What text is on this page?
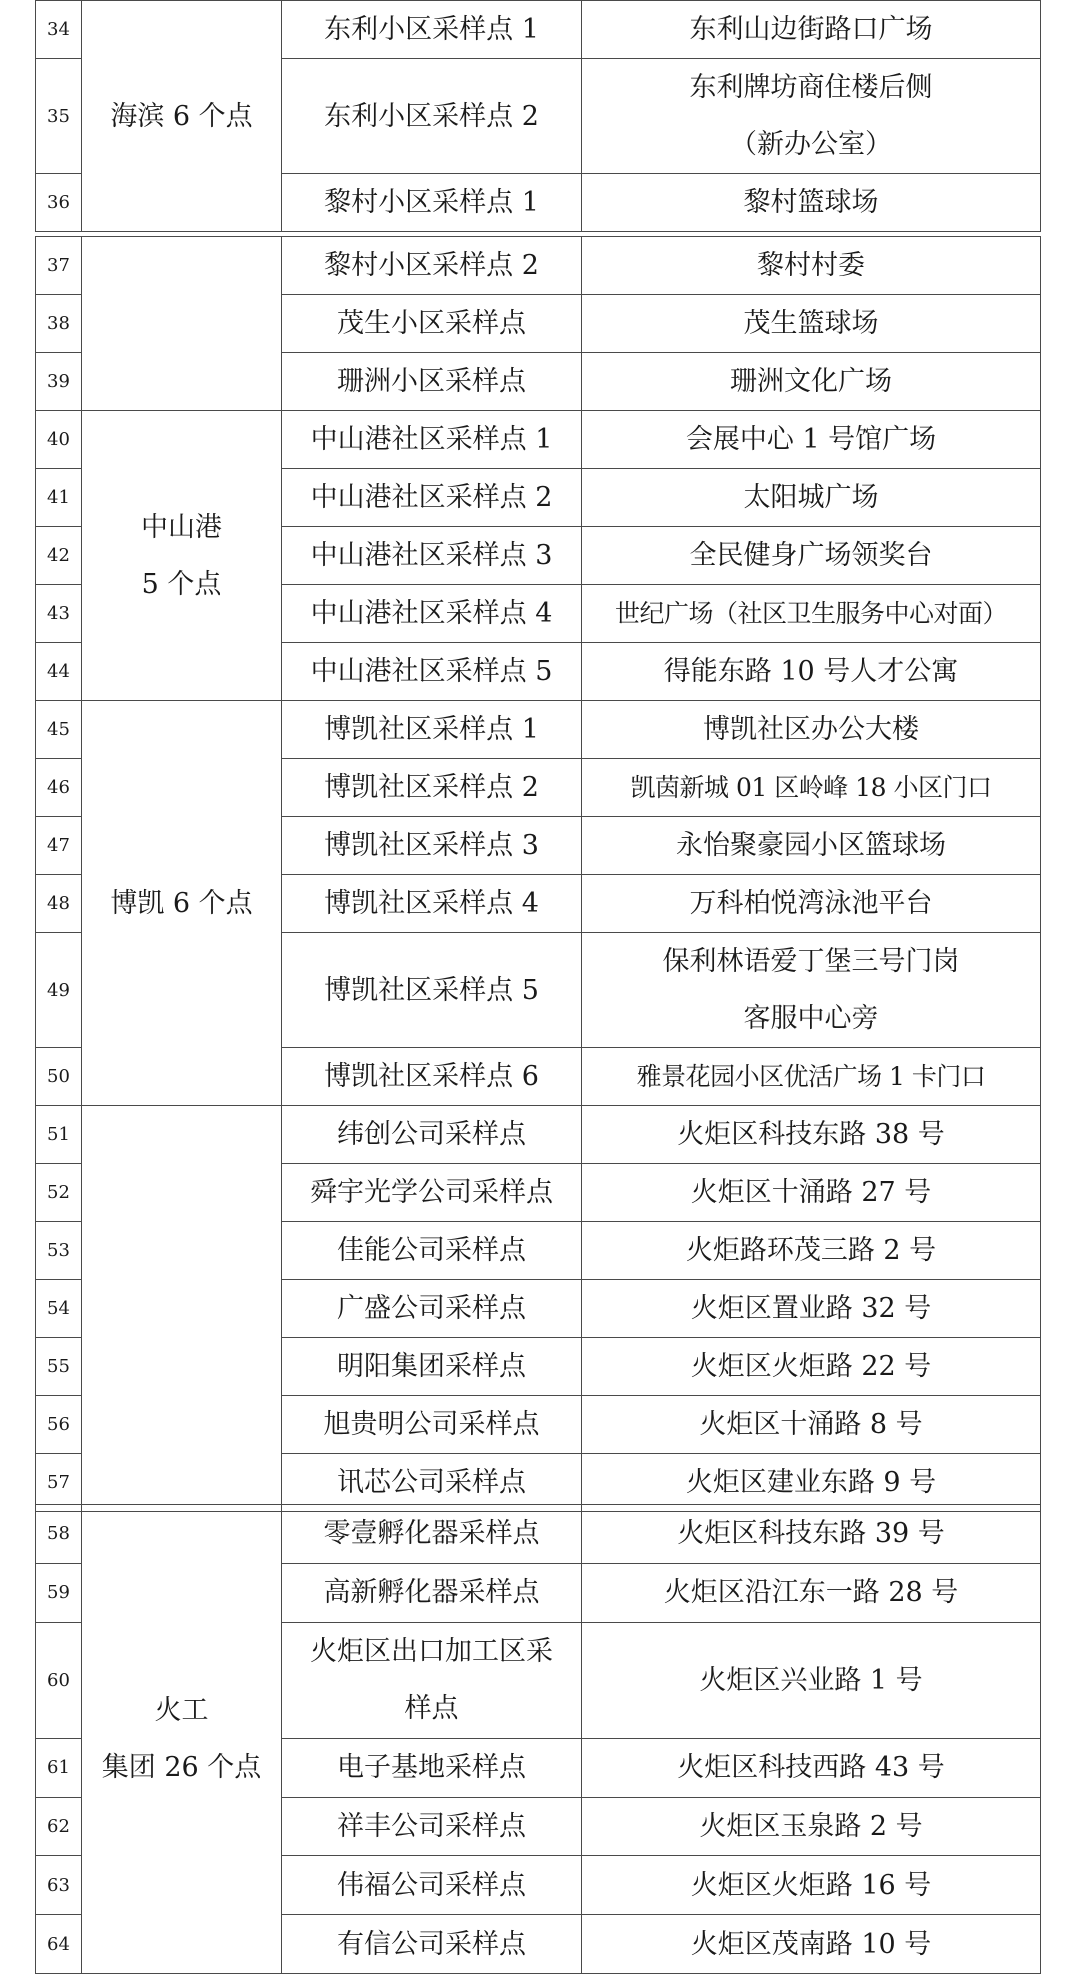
34	海滨 6 个点	东利小区采样点 1	东利山边街路口广场

35		东利小区采样点 2	东利牌坊商住楼后侧
（新办公室）

36		黎村小区采样点 1	黎村篮球场
37		黎村小区采样点 2	黎村村委

38		茂生小区采样点	茂生篮球场

39		珊洲小区采样点	珊洲文化广场

40	中山港
5 个点	中山港社区采样点 1	会展中心 1 号馆广场

41		中山港社区采样点 2	太阳城广场

42		中山港社区采样点 3	全民健身广场领奖台

43		中山港社区采样点 4	世纪广场（社区卫生服务中心对面）

44		中山港社区采样点 5	得能东路 10 号人才公寓

45	博凯 6 个点	博凯社区采样点 1	博凯社区办公大楼

46		博凯社区采样点 2	凯茵新城 01 区岭峰 18 小区门口

47		博凯社区采样点 3	永怡聚豪园小区篮球场

48		博凯社区采样点 4	万科柏悦湾泳池平台

49		博凯社区采样点 5	保利林语爱丁堡三号门岗
客服中心旁

50		博凯社区采样点 6	雅景花园小区优活广场 1 卡门口

51		纬创公司采样点	火炬区科技东路 38 号

52		舜宇光学公司采样点	火炬区十涌路 27 号

53		佳能公司采样点	火炬路环茂三路 2 号

54		广盛公司采样点	火炬区置业路 32 号

55		明阳集团采样点	火炬区火炬路 22 号

56		旭贵明公司采样点	火炬区十涌路 8 号

57		讯芯公司采样点	火炬区建业东路 9 号
58	火工
集团 26 个点	零壹孵化器采样点	火炬区科技东路 39 号

59		高新孵化器采样点	火炬区沿江东一路 28 号

60		火炬区出口加工区采
样点	火炬区兴业路 1 号

61		电子基地采样点	火炬区科技西路 43 号

62		祥丰公司采样点	火炬区玉泉路 2 号

63		伟福公司采样点	火炬区火炬路 16 号

64		有信公司采样点	火炬区茂南路 10 号
